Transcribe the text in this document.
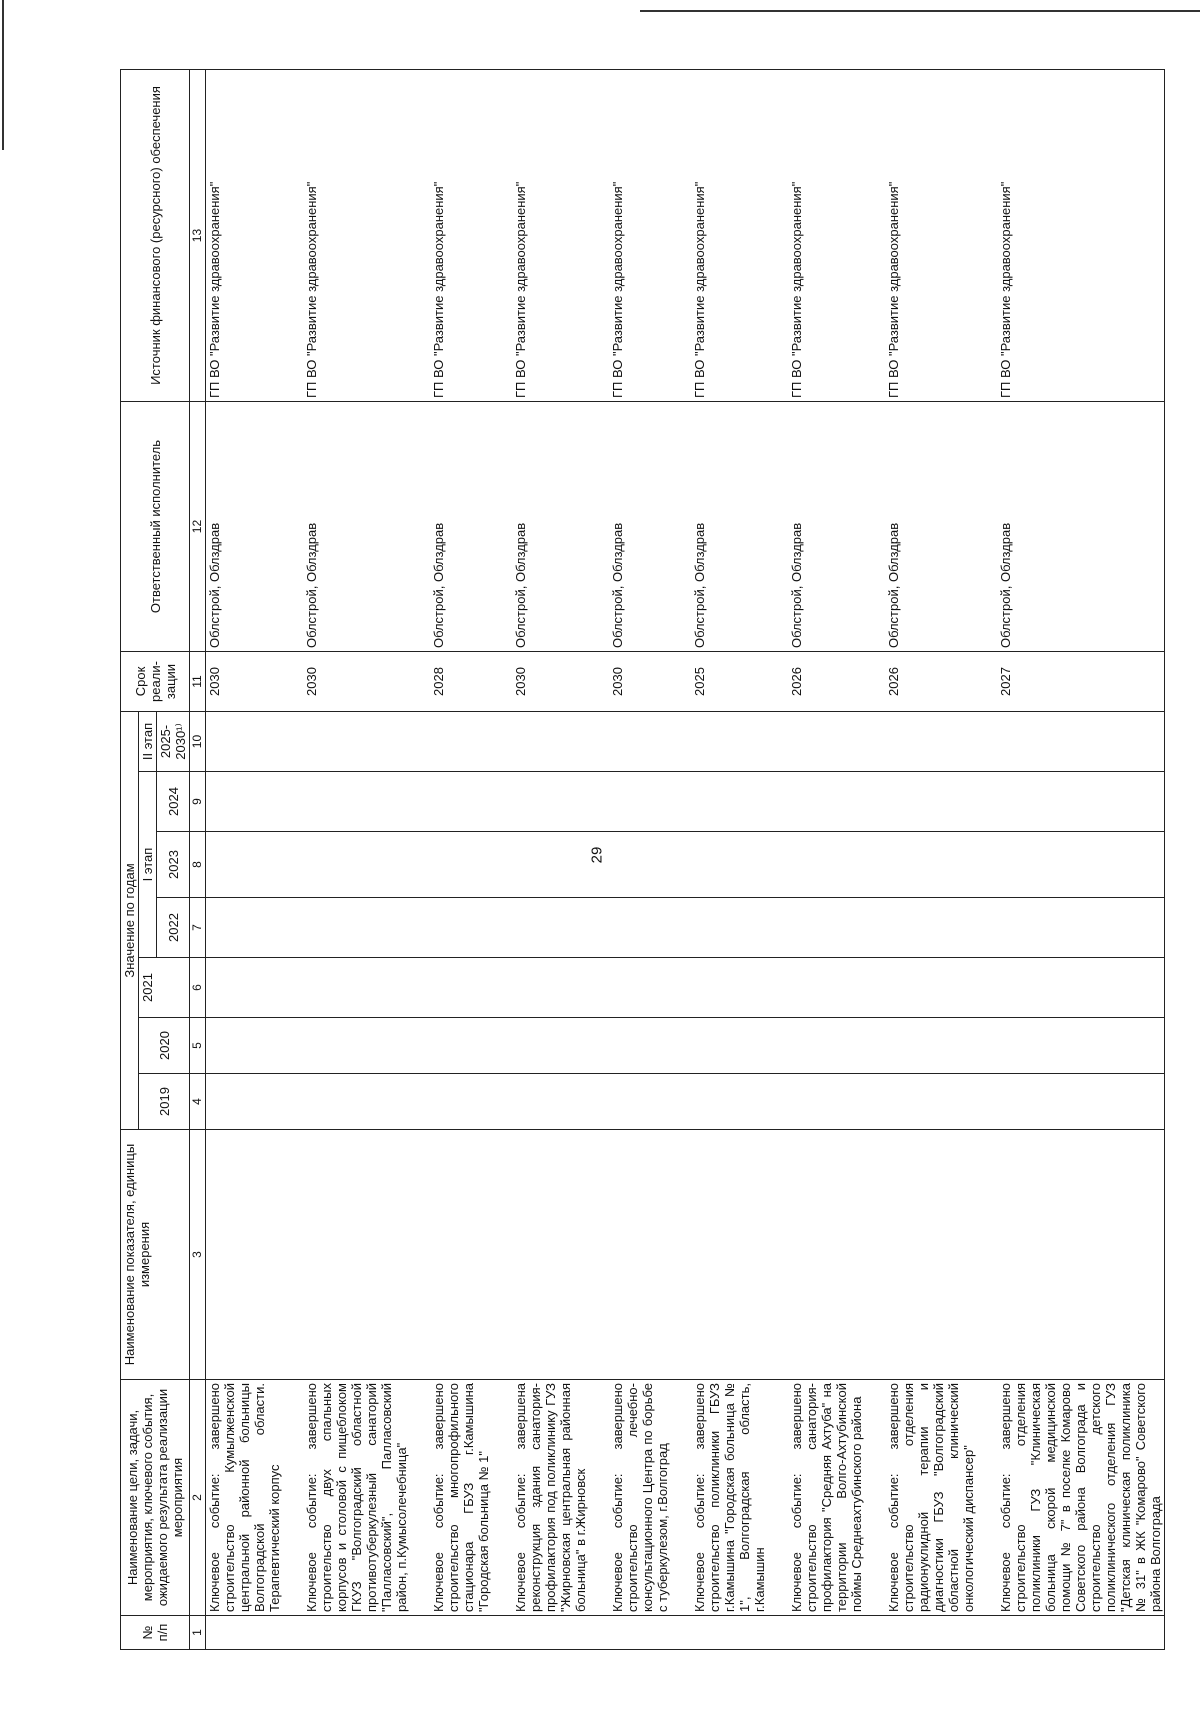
29
№
п/п	Наименование цели, задачи, мероприятия, ключевого события, ожидаемого результата реализации мероприятия	Наименование показателя, единицы измерения	Значение по годам							Срок реали-
зации	Ответственный исполнитель	Источник финансового (ресурсного) обеспечения
			2019	2020	2021	I этап			II этап			
						2022	2023	2024	2025-
2030¹⁾			
1	2	3	4	5	6	7	8	9	10	11	12	13
	Ключевое событие: завершено строительство Кумылженской центральной районной больницы Волгоградской области. Терапевтический корпус									2030	Облстрой, Облздрав	ГП ВО "Развитие здравоохранения"

	Ключевое событие: завершено строительство двух спальных корпусов и столовой с пищеблоком ГКУЗ "Волгоградский областной противотуберкулезный санаторий "Палласовский", Палласовский район, п.Кумысолечебница"									2030	Облстрой, Облздрав	ГП ВО "Развитие здравоохранения"

	Ключевое событие: завершено строительство многопрофильного стационара ГБУЗ г.Камышина "Городская больница № 1"									2028	Облстрой, Облздрав	ГП ВО "Развитие здравоохранения"

	Ключевое событие: завершена реконструкция здания санатория-профилактория под поликлинику ГУЗ "Жирновская центральная районная больница" в г.Жирновск									2030	Облстрой, Облздрав	ГП ВО "Развитие здравоохранения"

	Ключевое событие: завершено строительство лечебно-консультационного Центра по борьбе с туберкулезом, г.Волгоград									2030	Облстрой, Облздрав	ГП ВО "Развитие здравоохранения"

	Ключевое событие: завершено строительство поликлиники ГБУЗ г.Камышина "Городская больница № 1", Волгоградская область, г.Камышин									2025	Облстрой, Облздрав	ГП ВО "Развитие здравоохранения"

	Ключевое событие: завершено строительство санатория-профилактория "Средняя Ахтуба" на территории Волго-Ахтубинской поймы Среднеахтубинского района									2026	Облстрой, Облздрав	ГП ВО "Развитие здравоохранения"

	Ключевое событие: завершено строительство отделения радионуклидной терапии и диагностики ГБУЗ "Волгоградский областной клинический онкологический диспансер"									2026	Облстрой, Облздрав	ГП ВО "Развитие здравоохранения"

	Ключевое событие: завершено строительство отделения поликлиники ГУЗ "Клиническая больница скорой медицинской помощи № 7" в поселке Комарово Советского района Волгограда и строительство детского поликлинического отделения ГУЗ "Детская клиническая поликлиника № 31" в ЖК "Комарово" Советского района Волгограда									2027	Облстрой, Облздрав	ГП ВО "Развитие здравоохранения"
